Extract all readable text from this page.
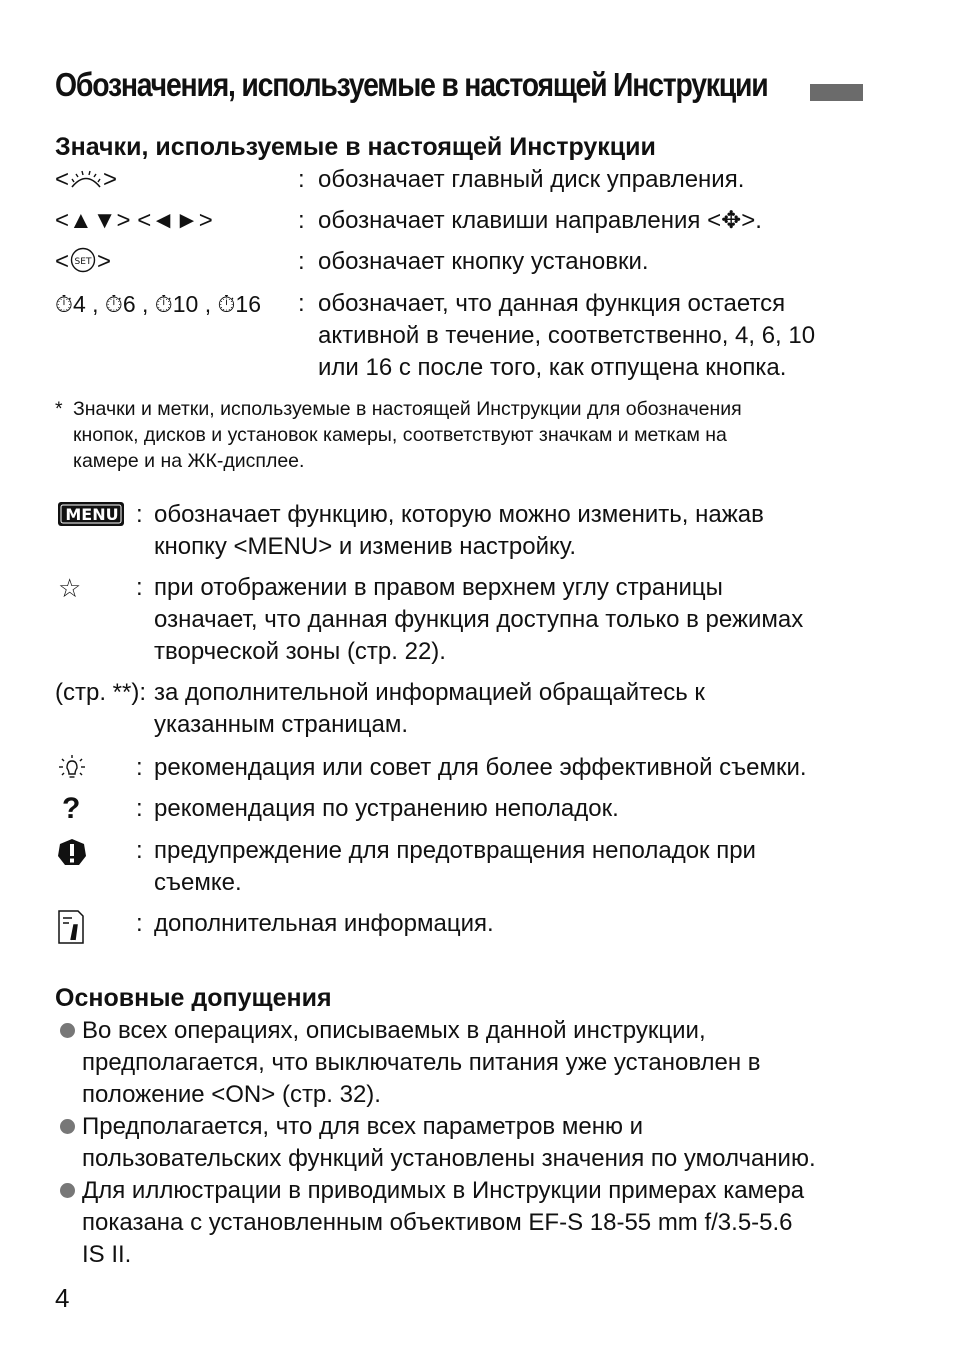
Обозначения, используемые в настоящей Инструкции
Значки, используемые в настоящей Инструкции
< >	: обозначает главный диск управления.
<▲▼> <◄►>	: обозначает клавиши направления <✥>.
< SET >	: обозначает кнопку установки.
⏱4 , ⏱6 , ⏱10 , ⏱16 : обозначает, что данная функция остается
активной в течение, соответственно, 4, 6, 10
или 16 с после того, как отпущена кнопка.
* Значки и метки, используемые в настоящей Инструкции для обозначения
кнопок, дисков и установок камеры, соответствуют значкам и меткам на
камере и на ЖК-дисплее.
MENU : обозначает функцию, которую можно изменить, нажав
кнопку <MENU> и изменив настройку.
☆ : при отображении в правом верхнем углу страницы
означает, что данная функция доступна только в режимах
творческой зоны (стр. 22).
(стр. **): за дополнительной информацией обращайтесь к
указанным страницам.
: рекомендация или совет для более эффективной съемки.
? : рекомендация по устранению неполадок.
: предупреждение для предотвращения неполадок при
съемке.
: дополнительная информация.
Основные допущения
Во всех операциях, описываемых в данной инструкции,
предполагается, что выключатель питания уже установлен в
положение <ON> (стр. 32).
Предполагается, что для всех параметров меню и
пользовательских функций установлены значения по умолчанию.
Для иллюстрации в приводимых в Инструкции примерах камера
показана с установленным объективом EF-S 18-55 mm f/3.5-5.6
IS II.
4
